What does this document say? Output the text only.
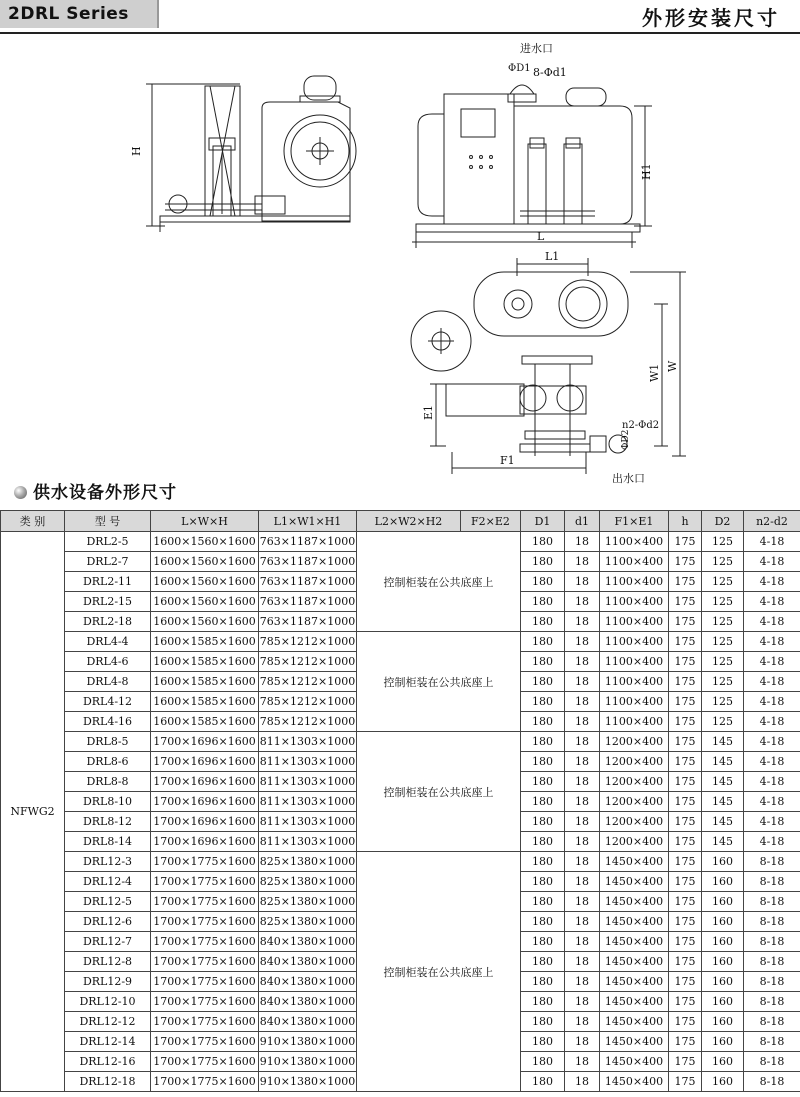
2DRL Series	外形安装尺寸
H
进水口
ΦD1 8-Φd1
L
H1
L1
出水口
n2-Φd2
ΦD2
E1
F1
W1 W
供水设备外形尺寸
类 别	型 号	L×W×H	L1×W1×H1	L2×W2×H2	F2×E2	D1	d1	F1×E1	h	D2	n2-d2
NFWG2	DRL2-5	1600×1560×1600	763×1187×1000	控制柜装在公共底座上		180	18	1100×400	175	125	4-18
	DRL2-7	1600×1560×1600	763×1187×1000			180	18	1100×400	175	125	4-18
	DRL2-11	1600×1560×1600	763×1187×1000			180	18	1100×400	175	125	4-18
	DRL2-15	1600×1560×1600	763×1187×1000			180	18	1100×400	175	125	4-18
	DRL2-18	1600×1560×1600	763×1187×1000			180	18	1100×400	175	125	4-18
	DRL4-4	1600×1585×1600	785×1212×1000	控制柜装在公共底座上		180	18	1100×400	175	125	4-18
	DRL4-6	1600×1585×1600	785×1212×1000			180	18	1100×400	175	125	4-18
	DRL4-8	1600×1585×1600	785×1212×1000			180	18	1100×400	175	125	4-18
	DRL4-12	1600×1585×1600	785×1212×1000			180	18	1100×400	175	125	4-18
	DRL4-16	1600×1585×1600	785×1212×1000			180	18	1100×400	175	125	4-18
	DRL8-5	1700×1696×1600	811×1303×1000	控制柜装在公共底座上		180	18	1200×400	175	145	4-18
	DRL8-6	1700×1696×1600	811×1303×1000			180	18	1200×400	175	145	4-18
	DRL8-8	1700×1696×1600	811×1303×1000			180	18	1200×400	175	145	4-18
	DRL8-10	1700×1696×1600	811×1303×1000			180	18	1200×400	175	145	4-18
	DRL8-12	1700×1696×1600	811×1303×1000			180	18	1200×400	175	145	4-18
	DRL8-14	1700×1696×1600	811×1303×1000			180	18	1200×400	175	145	4-18
	DRL12-3	1700×1775×1600	825×1380×1000	控制柜装在公共底座上		180	18	1450×400	175	160	8-18
	DRL12-4	1700×1775×1600	825×1380×1000			180	18	1450×400	175	160	8-18
	DRL12-5	1700×1775×1600	825×1380×1000			180	18	1450×400	175	160	8-18
	DRL12-6	1700×1775×1600	825×1380×1000			180	18	1450×400	175	160	8-18
	DRL12-7	1700×1775×1600	840×1380×1000			180	18	1450×400	175	160	8-18
	DRL12-8	1700×1775×1600	840×1380×1000			180	18	1450×400	175	160	8-18
	DRL12-9	1700×1775×1600	840×1380×1000			180	18	1450×400	175	160	8-18
	DRL12-10	1700×1775×1600	840×1380×1000			180	18	1450×400	175	160	8-18
	DRL12-12	1700×1775×1600	840×1380×1000			180	18	1450×400	175	160	8-18
	DRL12-14	1700×1775×1600	910×1380×1000			180	18	1450×400	175	160	8-18
	DRL12-16	1700×1775×1600	910×1380×1000			180	18	1450×400	175	160	8-18
	DRL12-18	1700×1775×1600	910×1380×1000			180	18	1450×400	175	160	8-18
